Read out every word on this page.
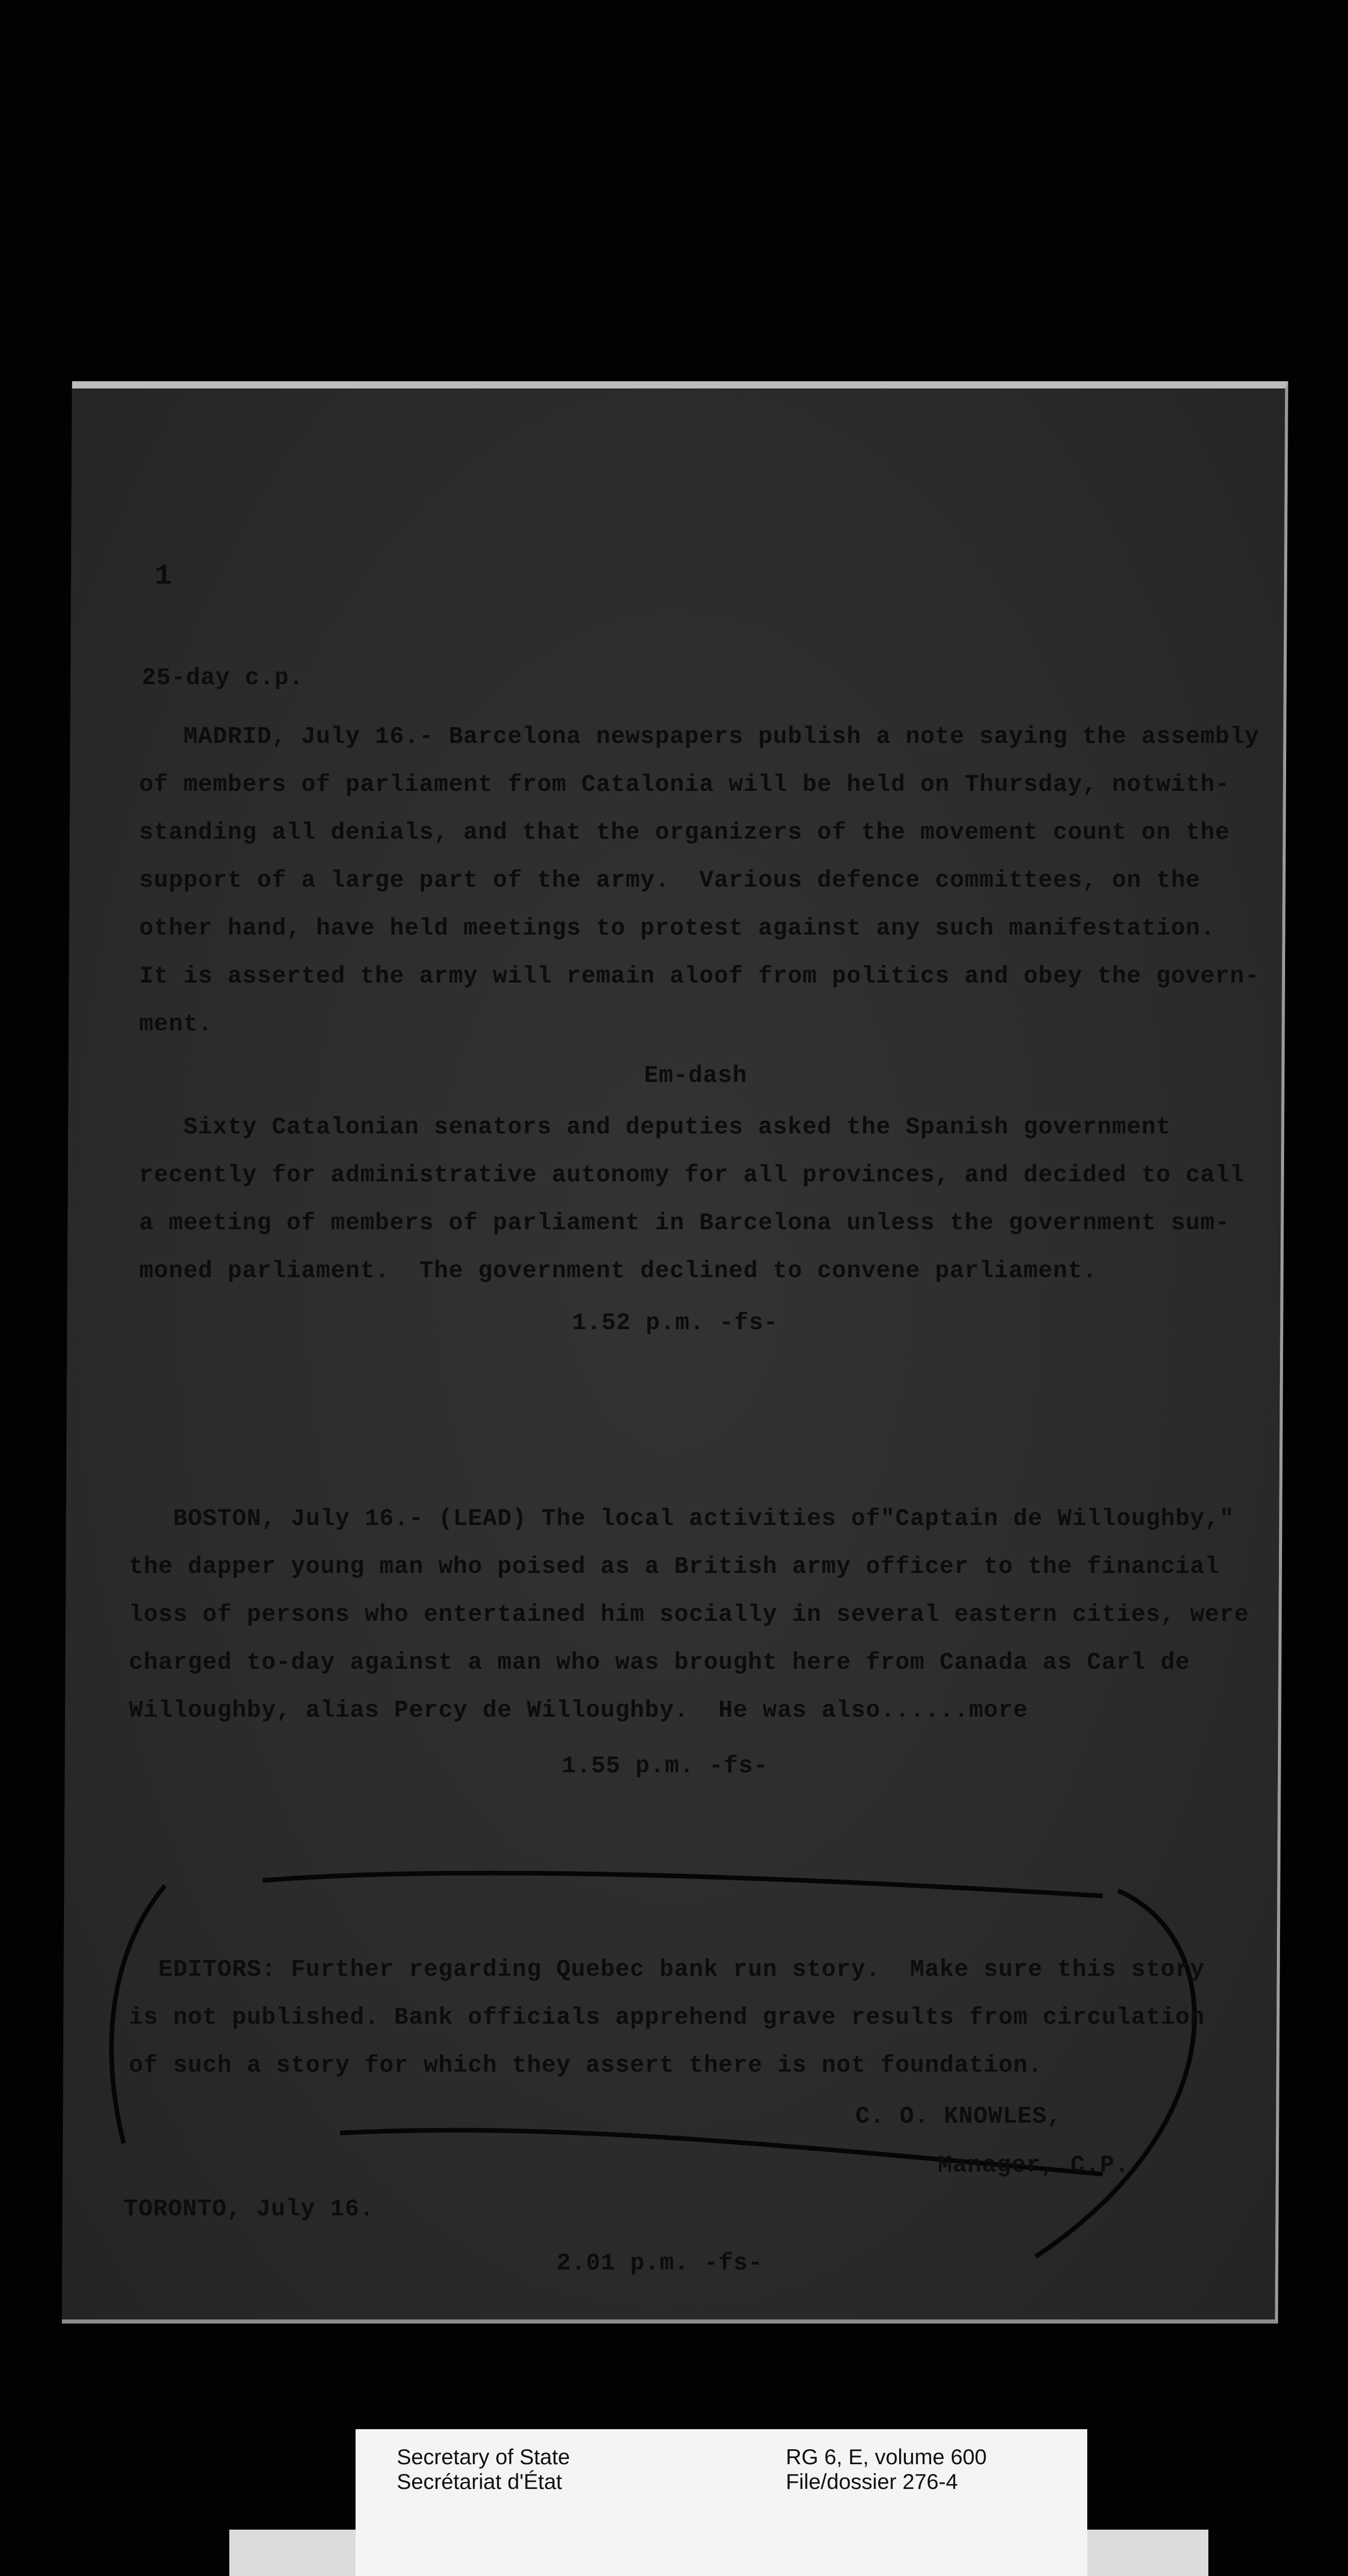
1
25-day c.p.
MADRID, July 16.- Barcelona newspapers publish a note saying the assembly
of members of parliament from Catalonia will be held on Thursday, notwith-
standing all denials, and that the organizers of the movement count on the
support of a large part of the army.  Various defence committees, on the
other hand, have held meetings to protest against any such manifestation.
It is asserted the army will remain aloof from politics and obey the govern-
ment.
Em-dash
Sixty Catalonian senators and deputies asked the Spanish government
recently for administrative autonomy for all provinces, and decided to call
a meeting of members of parliament in Barcelona unless the government sum-
moned parliament.  The government declined to convene parliament.
1.52 p.m. -fs-
BOSTON, July 16.- (LEAD) The local activities of"Captain de Willoughby,"
the dapper young man who poised as a British army officer to the financial
loss of persons who entertained him socially in several eastern cities, were
charged to-day against a man who was brought here from Canada as Carl de
Willoughby, alias Percy de Willoughby.  He was also......more
1.55 p.m. -fs-
EDITORS: Further regarding Quebec bank run story.  Make sure this story
is not published. Bank officials apprehend grave results from circulation
of such a story for which they assert there is not foundation.
C. O. KNOWLES,
Manager, C.P.
TORONTO, July 16.
2.01 p.m. -fs-
Secretary of State
Secrétariat d'État
RG 6, E, volume 600
File/dossier 276-4
